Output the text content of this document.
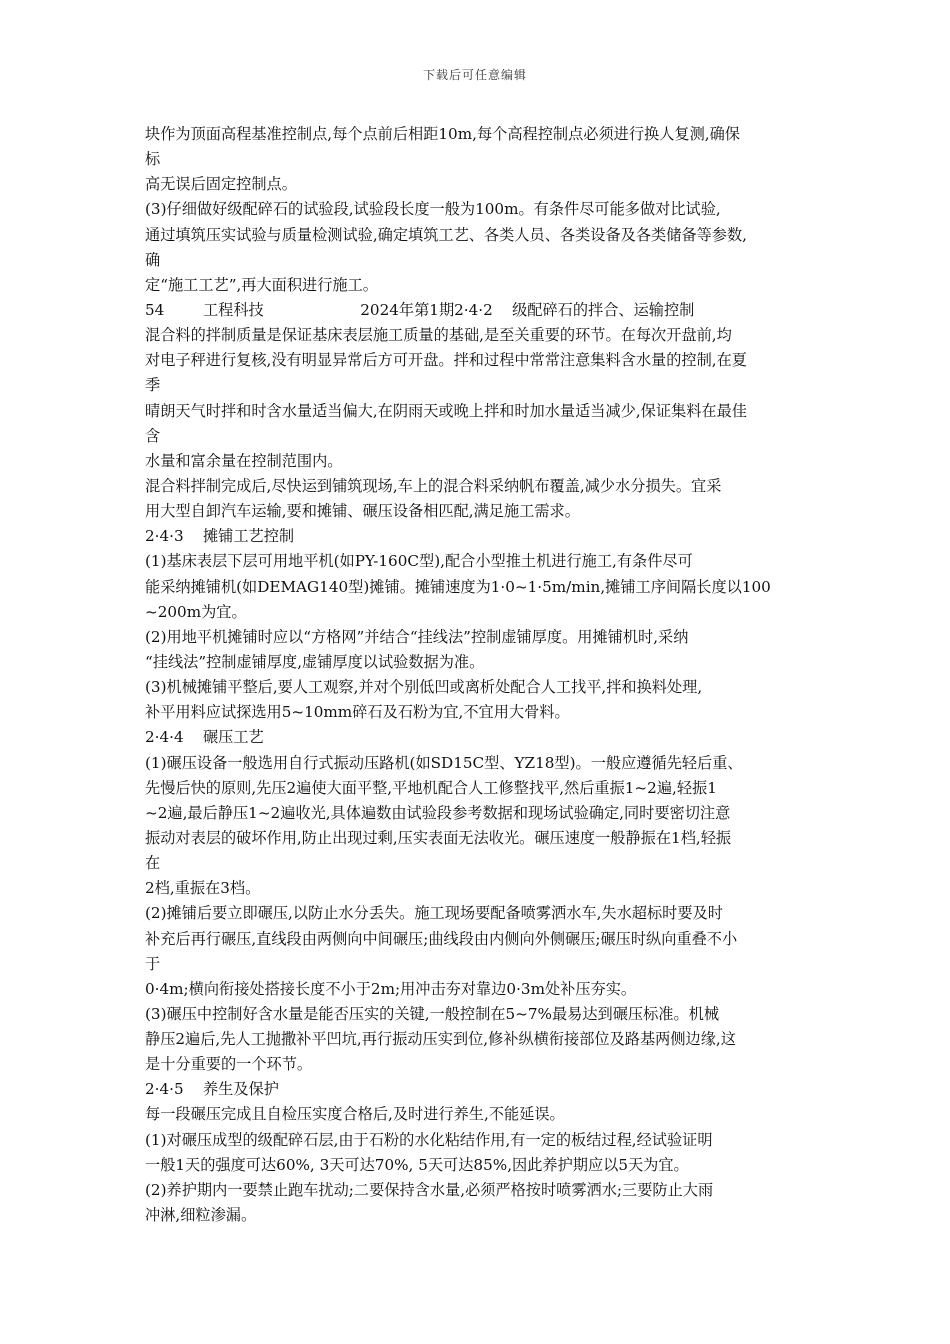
下载后可任意编辑
块作为顶面高程基准控制点,每个点前后相距10m,每个高程控制点必须进行换人复测,确保
标
高无误后固定控制点。
(3)仔细做好级配碎石的试验段,试验段长度一般为100m。有条件尽可能多做对比试验,
通过填筑压实试验与质量检测试验,确定填筑工艺、各类人员、各类设备及各类储备等参数,
确
定“施工工艺”,再大面积进行施工。
54        工程科技                    2024年第1期2·4·2    级配碎石的拌合、运输控制
混合料的拌制质量是保证基床表层施工质量的基础,是至关重要的环节。在每次开盘前,均
对电子秤进行复核,没有明显异常后方可开盘。拌和过程中常常注意集料含水量的控制,在夏
季
晴朗天气时拌和时含水量适当偏大,在阴雨天或晚上拌和时加水量适当减少,保证集料在最佳
含
水量和富余量在控制范围内。
混合料拌制完成后,尽快运到铺筑现场,车上的混合料采纳帆布覆盖,减少水分损失。宜采
用大型自卸汽车运输,要和摊铺、碾压设备相匹配,满足施工需求。
2·4·3    摊铺工艺控制
(1)基床表层下层可用地平机(如PY-160C型),配合小型推土机进行施工,有条件尽可
能采纳摊铺机(如DEMAG140型)摊铺。摊铺速度为1·0~1·5m/min,摊铺工序间隔长度以100
~200m为宜。
(2)用地平机摊铺时应以“方格网”并结合“挂线法”控制虚铺厚度。用摊铺机时,采纳
“挂线法”控制虚铺厚度,虚铺厚度以试验数据为准。
(3)机械摊铺平整后,要人工观察,并对个别低凹或离析处配合人工找平,拌和换料处理,
补平用料应试探选用5~10mm碎石及石粉为宜,不宜用大骨料。
2·4·4    碾压工艺
(1)碾压设备一般选用自行式振动压路机(如SD15C型、YZ18型)。一般应遵循先轻后重、
先慢后快的原则,先压2遍使大面平整,平地机配合人工修整找平,然后重振1~2遍,轻振1
~2遍,最后静压1~2遍收光,具体遍数由试验段参考数据和现场试验确定,同时要密切注意
振动对表层的破坏作用,防止出现过剩,压实表面无法收光。碾压速度一般静振在1档,轻振
在
2档,重振在3档。
(2)摊铺后要立即碾压,以防止水分丢失。施工现场要配备喷雾洒水车,失水超标时要及时
补充后再行碾压,直线段由两侧向中间碾压;曲线段由内侧向外侧碾压;碾压时纵向重叠不小
于
0·4m;横向衔接处搭接长度不小于2m;用冲击夯对靠边0·3m处补压夯实。
(3)碾压中控制好含水量是能否压实的关键,一般控制在5~7%最易达到碾压标准。机械
静压2遍后,先人工抛撒补平凹坑,再行振动压实到位,修补纵横衔接部位及路基两侧边缘,这
是十分重要的一个环节。
2·4·5    养生及保护
每一段碾压完成且自检压实度合格后,及时进行养生,不能延误。
(1)对碾压成型的级配碎石层,由于石粉的水化粘结作用,有一定的板结过程,经试验证明
一般1天的强度可达60%, 3天可达70%, 5天可达85%,因此养护期应以5天为宜。
(2)养护期内一要禁止跑车扰动;二要保持含水量,必须严格按时喷雾洒水;三要防止大雨
冲淋,细粒渗漏。
